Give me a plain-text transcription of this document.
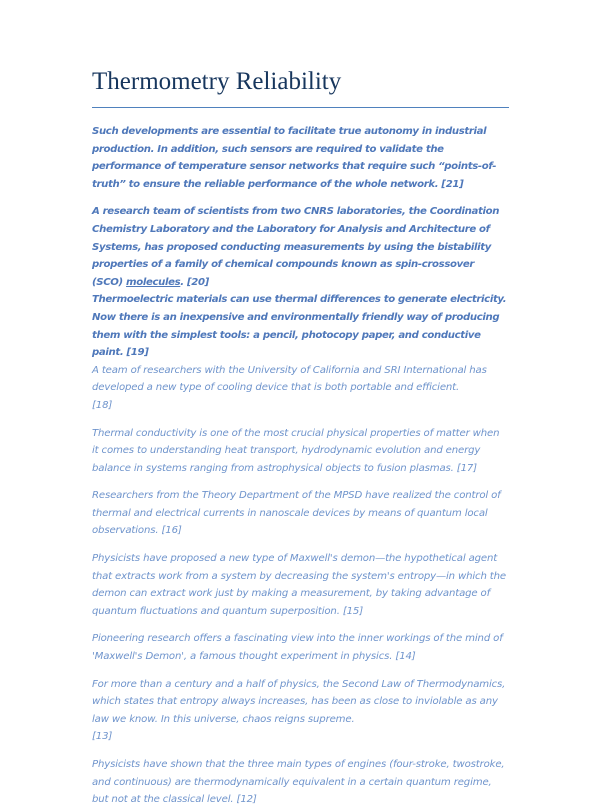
Thermometry Reliability

Such developments are essential to facilitate true autonomy in industrial production. In addition, such sensors are required to validate the performance of temperature sensor networks that require such “points-of-truth” to ensure the reliable performance of the whole network. [21]

A research team of scientists from two CNRS laboratories, the Coordination Chemistry Laboratory and the Laboratory for Analysis and Architecture of Systems, has proposed conducting measurements by using the bistability properties of a family of chemical compounds known as spin-crossover (SCO) molecules. [20]

Thermoelectric materials can use thermal differences to generate electricity. Now there is an inexpensive and environmentally friendly way of producing them with the simplest tools: a pencil, photocopy paper, and conductive paint. [19]

A team of researchers with the University of California and SRI International has developed a new type of cooling device that is both portable and efficient.
[18]

Thermal conductivity is one of the most crucial physical properties of matter when it comes to understanding heat transport, hydrodynamic evolution and energy balance in systems ranging from astrophysical objects to fusion plasmas. [17]

Researchers from the Theory Department of the MPSD have realized the control of thermal and electrical currents in nanoscale devices by means of quantum local observations. [16]

Physicists have proposed a new type of Maxwell's demon—the hypothetical agent that extracts work from a system by decreasing the system's entropy—in which the demon can extract work just by making a measurement, by taking advantage of quantum fluctuations and quantum superposition. [15]

Pioneering research offers a fascinating view into the inner workings of the mind of 'Maxwell's Demon', a famous thought experiment in physics. [14]

For more than a century and a half of physics, the Second Law of Thermodynamics, which states that entropy always increases, has been as close to inviolable as any law we know. In this universe, chaos reigns supreme.
[13]

Physicists have shown that the three main types of engines (four-stroke, twostroke, and continuous) are thermodynamically equivalent in a certain quantum regime, but not at the classical level. [12]
